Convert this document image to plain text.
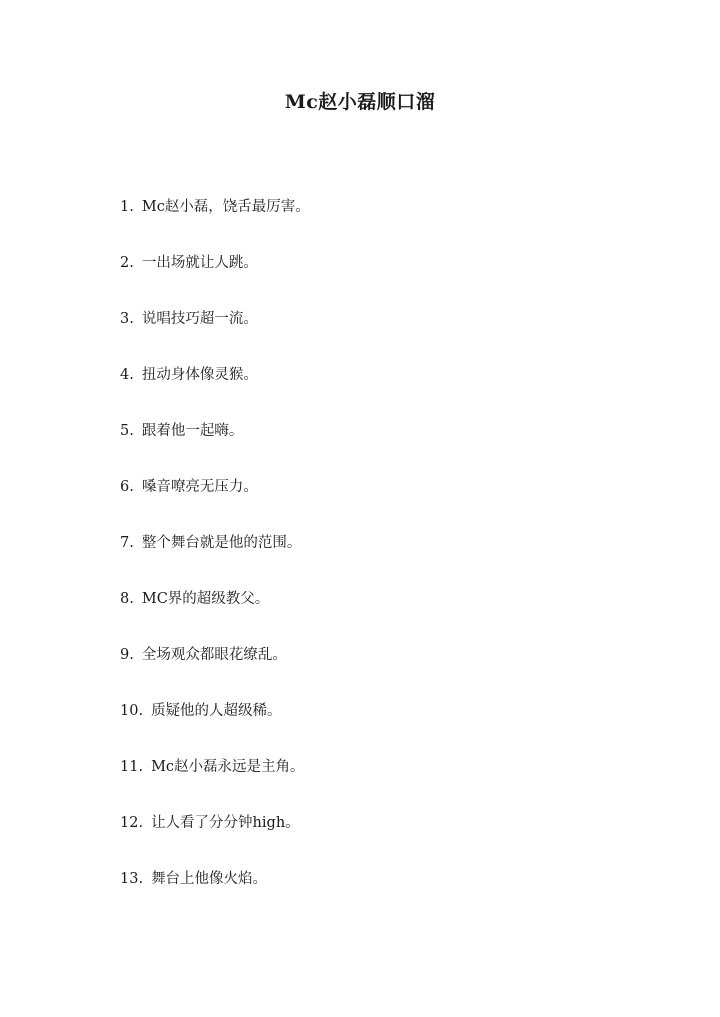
Mc赵小磊顺口溜
1. Mc赵小磊，饶舌最厉害。
2. 一出场就让人跳。
3. 说唱技巧超一流。
4. 扭动身体像灵猴。
5. 跟着他一起嗨。
6. 嗓音嘹亮无压力。
7. 整个舞台就是他的范围。
8. MC界的超级教父。
9. 全场观众都眼花缭乱。
10. 质疑他的人超级稀。
11. Mc赵小磊永远是主角。
12. 让人看了分分钟high。
13. 舞台上他像火焰。
